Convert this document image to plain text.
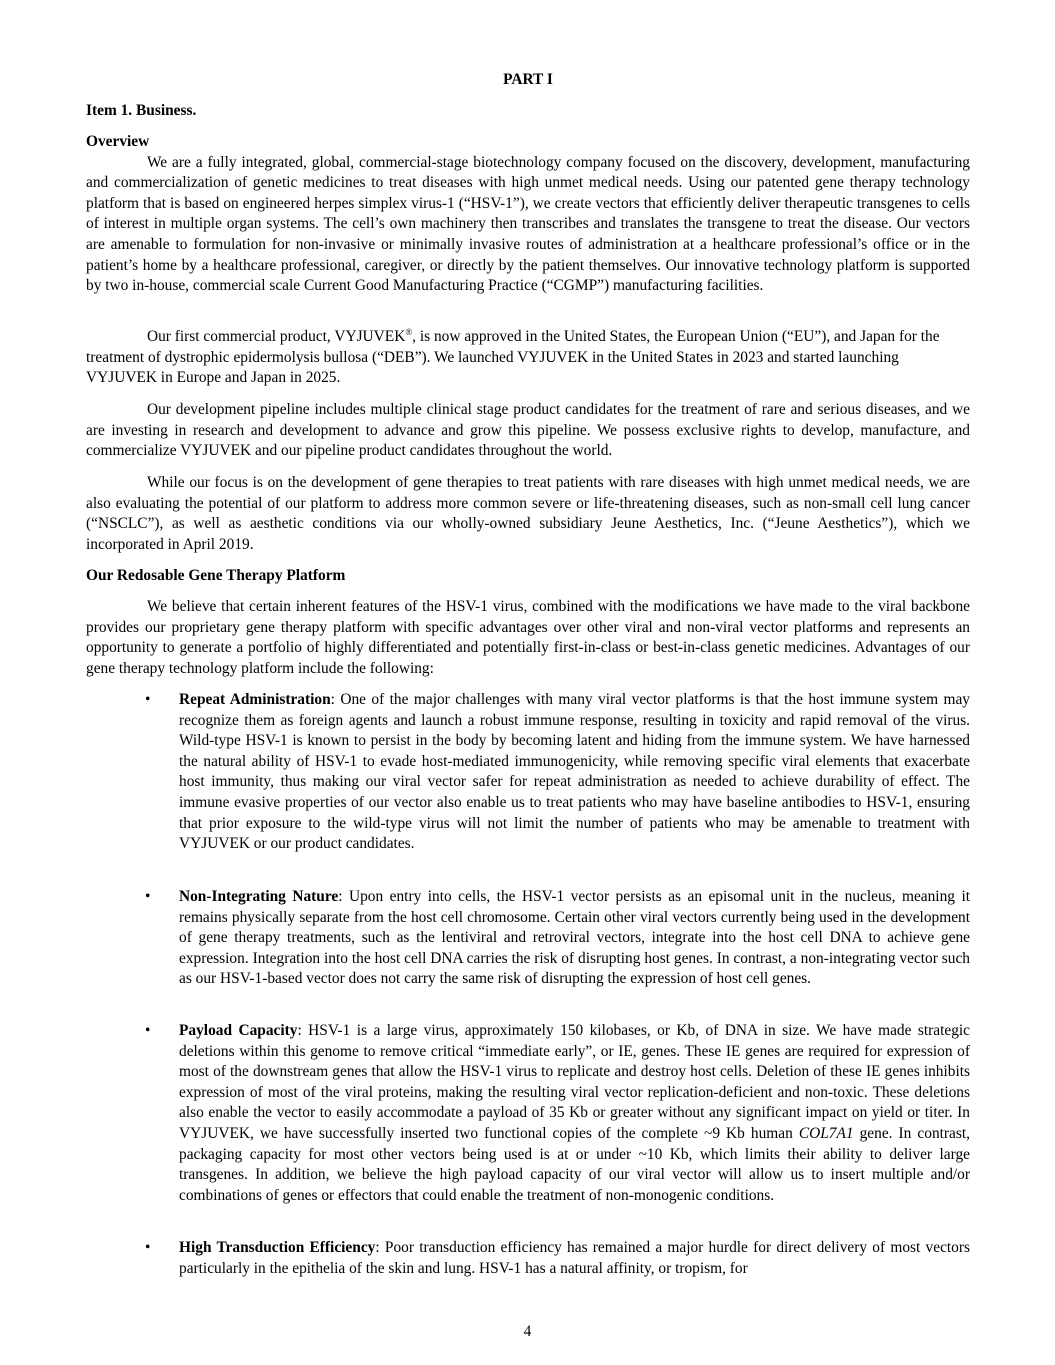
PART I
Item 1. Business.
Overview

We are a fully integrated, global, commercial-stage biotechnology company focused on the discovery, development, manufacturing and commercialization of genetic medicines to treat diseases with high unmet medical needs. Using our patented gene therapy technology platform that is based on engineered herpes simplex virus-1 (“HSV-1”), we create vectors that efficiently deliver therapeutic transgenes to cells of interest in multiple organ systems. The cell’s own machinery then transcribes and translates the transgene to treat the disease. Our vectors are amenable to formulation for non-invasive or minimally invasive routes of administration at a healthcare professional’s office or in the patient’s home by a healthcare professional, caregiver, or directly by the patient themselves. Our innovative technology platform is supported by two in-house, commercial scale Current Good Manufacturing Practice (“CGMP”) manufacturing facilities.

Our first commercial product, VYJUVEK®, is now approved in the United States, the European Union (“EU”), and Japan for the treatment of dystrophic epidermolysis bullosa (“DEB”). We launched VYJUVEK in the United States in 2023 and started launching VYJUVEK in Europe and Japan in 2025.

Our development pipeline includes multiple clinical stage product candidates for the treatment of rare and serious diseases, and we are investing in research and development to advance and grow this pipeline. We possess exclusive rights to develop, manufacture, and commercialize VYJUVEK and our pipeline product candidates throughout the world.

While our focus is on the development of gene therapies to treat patients with rare diseases with high unmet medical needs, we are also evaluating the potential of our platform to address more common severe or life-threatening diseases, such as non-small cell lung cancer (“NSCLC”), as well as aesthetic conditions via our wholly-owned subsidiary Jeune Aesthetics, Inc. (“Jeune Aesthetics”), which we incorporated in April 2019.

Our Redosable Gene Therapy Platform

We believe that certain inherent features of the HSV-1 virus, combined with the modifications we have made to the viral backbone provides our proprietary gene therapy platform with specific advantages over other viral and non-viral vector platforms and represents an opportunity to generate a portfolio of highly differentiated and potentially first-in-class or best-in-class genetic medicines. Advantages of our gene therapy technology platform include the following:

• Repeat Administration: One of the major challenges with many viral vector platforms is that the host immune system may recognize them as foreign agents and launch a robust immune response, resulting in toxicity and rapid removal of the virus. Wild-type HSV-1 is known to persist in the body by becoming latent and hiding from the immune system. We have harnessed the natural ability of HSV-1 to evade host-mediated immunogenicity, while removing specific viral elements that exacerbate host immunity, thus making our viral vector safer for repeat administration as needed to achieve durability of effect. The immune evasive properties of our vector also enable us to treat patients who may have baseline antibodies to HSV-1, ensuring that prior exposure to the wild-type virus will not limit the number of patients who may be amenable to treatment with VYJUVEK or our product candidates.
• Non-Integrating Nature: Upon entry into cells, the HSV-1 vector persists as an episomal unit in the nucleus, meaning it remains physically separate from the host cell chromosome. Certain other viral vectors currently being used in the development of gene therapy treatments, such as the lentiviral and retroviral vectors, integrate into the host cell DNA to achieve gene expression. Integration into the host cell DNA carries the risk of disrupting host genes. In contrast, a non-integrating vector such as our HSV-1-based vector does not carry the same risk of disrupting the expression of host cell genes.
• Payload Capacity: HSV-1 is a large virus, approximately 150 kilobases, or Kb, of DNA in size. We have made strategic deletions within this genome to remove critical “immediate early”, or IE, genes. These IE genes are required for expression of most of the downstream genes that allow the HSV-1 virus to replicate and destroy host cells. Deletion of these IE genes inhibits expression of most of the viral proteins, making the resulting viral vector replication-deficient and non-toxic. These deletions also enable the vector to easily accommodate a payload of 35 Kb or greater without any significant impact on yield or titer. In VYJUVEK, we have successfully inserted two functional copies of the complete ~9 Kb human COL7A1 gene. In contrast, packaging capacity for most other vectors being used is at or under ~10 Kb, which limits their ability to deliver large transgenes. In addition, we believe the high payload capacity of our viral vector will allow us to insert multiple and/or combinations of genes or effectors that could enable the treatment of non-monogenic conditions.
• High Transduction Efficiency: Poor transduction efficiency has remained a major hurdle for direct delivery of most vectors particularly in the epithelia of the skin and lung. HSV-1 has a natural affinity, or tropism, for
4
